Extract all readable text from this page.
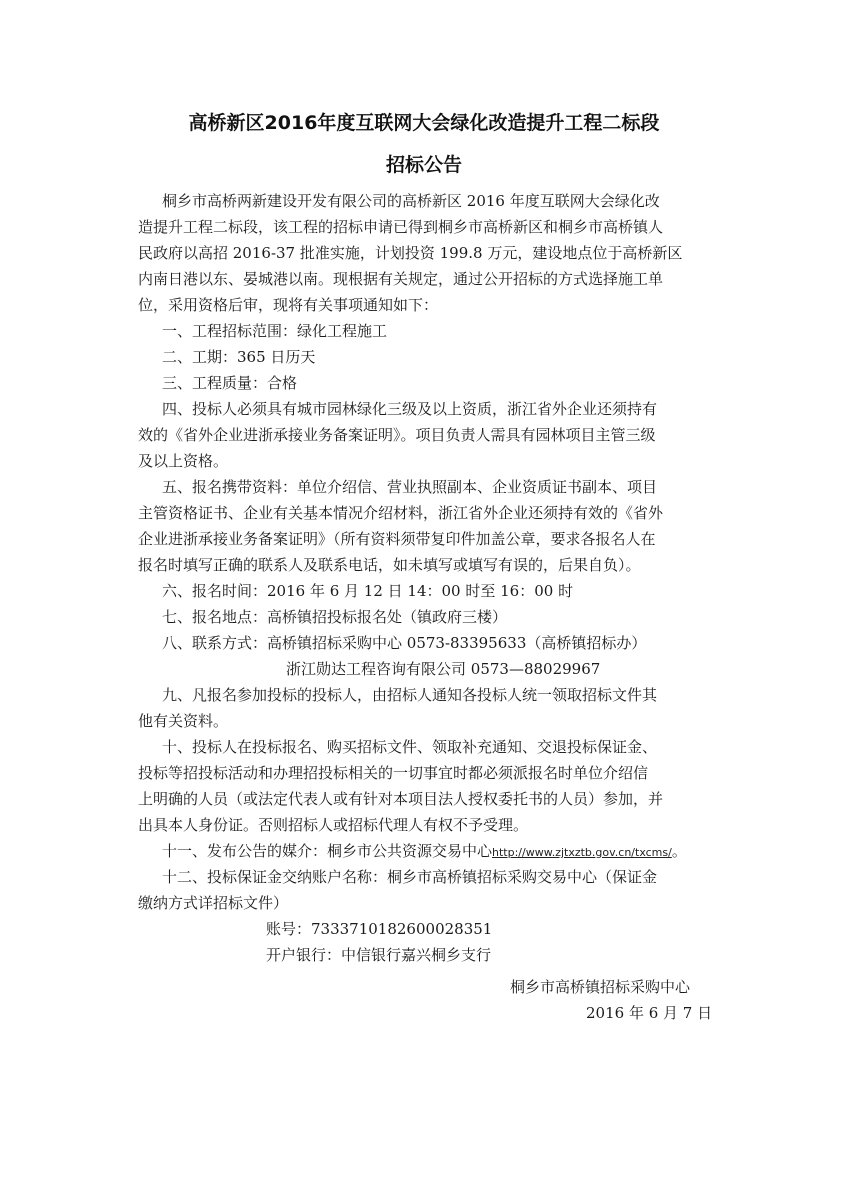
高桥新区2016年度互联网大会绿化改造提升工程二标段
招标公告
桐乡市高桥两新建设开发有限公司的高桥新区 2016 年度互联网大会绿化改
造提升工程二标段，该工程的招标申请已得到桐乡市高桥新区和桐乡市高桥镇人
民政府以高招 2016-37 批准实施，计划投资 199.8 万元，建设地点位于高桥新区
内南日港以东、晏城港以南。现根据有关规定，通过公开招标的方式选择施工单
位，采用资格后审，现将有关事项通知如下：
一、工程招标范围：绿化工程施工
二、工期：365 日历天
三、工程质量：合格
四、投标人必须具有城市园林绿化三级及以上资质，浙江省外企业还须持有
效的《省外企业进浙承接业务备案证明》。项目负责人需具有园林项目主管三级
及以上资格。
五、报名携带资料：单位介绍信、营业执照副本、企业资质证书副本、项目
主管资格证书、企业有关基本情况介绍材料，浙江省外企业还须持有效的《省外
企业进浙承接业务备案证明》（所有资料须带复印件加盖公章，要求各报名人在
报名时填写正确的联系人及联系电话，如未填写或填写有误的，后果自负）。
六、报名时间：2016 年 6 月 12 日 14：00 时至 16：00 时
七、报名地点：高桥镇招投标报名处（镇政府三楼）
八、联系方式：高桥镇招标采购中心 0573-83395633（高桥镇招标办）
浙江勋达工程咨询有限公司 0573—88029967
九、凡报名参加投标的投标人，由招标人通知各投标人统一领取招标文件其
他有关资料。
十、投标人在投标报名、购买招标文件、领取补充通知、交退投标保证金、
投标等招投标活动和办理招投标相关的一切事宜时都必须派报名时单位介绍信
上明确的人员（或法定代表人或有针对本项目法人授权委托书的人员）参加，并
出具本人身份证。否则招标人或招标代理人有权不予受理。
十一、发布公告的媒介：桐乡市公共资源交易中心http://www.zjtxztb.gov.cn/txcms/。
十二、投标保证金交纳账户名称：桐乡市高桥镇招标采购交易中心（保证金
缴纳方式详招标文件）
账号：7333710182600028351
开户银行：中信银行嘉兴桐乡支行
桐乡市高桥镇招标采购中心
2016 年 6 月 7 日
